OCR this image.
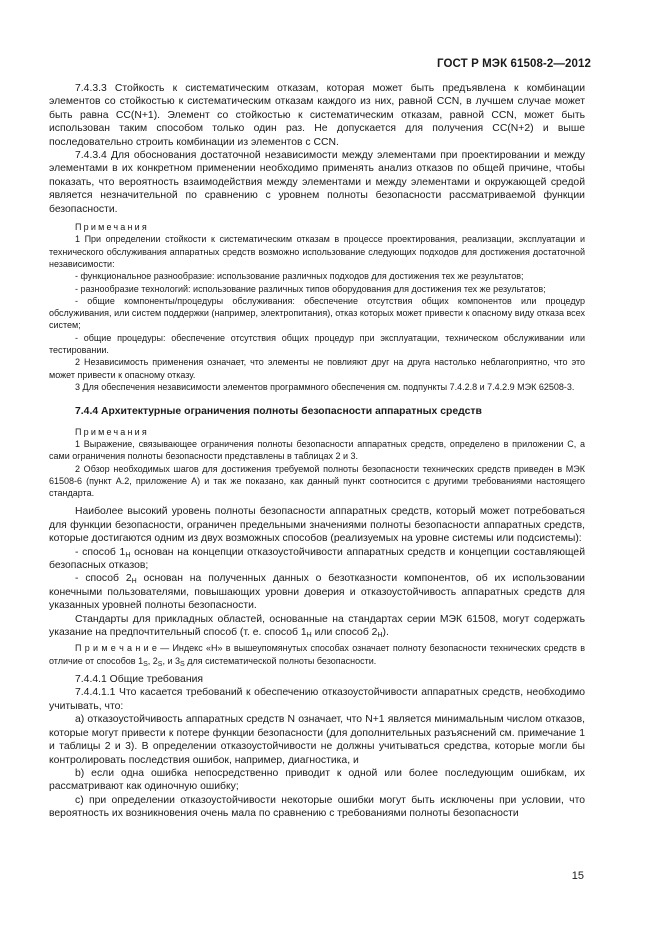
ГОСТ Р МЭК 61508-2—2012

7.4.3.3 Стойкость к систематическим отказам, которая может быть предъявлена к комбинации элементов со стойкостью к систематическим отказам каждого из них, равной CCN, в лучшем случае может быть равна CC(N+1). Элемент со стойкостью к систематическим отказам, равной CCN, может быть использован таким способом только один раз. Не допускается для получения CC(N+2) и выше последовательно строить комбинации из элементов с CCN.

7.4.3.4 Для обоснования достаточной независимости между элементами при проектировании и между элементами в их конкретном применении необходимо применять анализ отказов по общей причине, чтобы показать, что вероятность взаимодействия между элементами и между элементами и окружающей средой является незначительной по сравнению с уровнем полноты безопасности рассматриваемой функции безопасности.

Примечания

1 При определении стойкости к систематическим отказам в процессе проектирования, реализации, эксплуатации и технического обслуживания аппаратных средств возможно использование следующих подходов для достижения достаточной независимости:

- функциональное разнообразие: использование различных подходов для достижения тех же результатов;

- разнообразие технологий: использование различных типов оборудования для достижения тех же результатов;

- общие компоненты/процедуры обслуживания: обеспечение отсутствия общих компонентов или процедур обслуживания, или систем поддержки (например, электропитания), отказ которых может привести к опасному виду отказа всех систем;

- общие процедуры: обеспечение отсутствия общих процедур при эксплуатации, техническом обслуживании или тестировании.

2 Независимость применения означает, что элементы не повлияют друг на друга настолько неблагоприятно, что это может привести к опасному отказу.

3 Для обеспечения независимости элементов программного обеспечения см. подпункты 7.4.2.8 и 7.4.2.9 МЭК 62508-3.

7.4.4 Архитектурные ограничения полноты безопасности аппаратных средств

Примечания

1 Выражение, связывающее ограничения полноты безопасности аппаратных средств, определено в приложении C, а сами ограничения полноты безопасности представлены в таблицах 2 и 3.

2 Обзор необходимых шагов для достижения требуемой полноты безопасности технических средств приведен в МЭК 61508-6 (пункт A.2, приложение A) и так же показано, как данный пункт соотносится с другими требованиями настоящего стандарта.

Наиболее высокий уровень полноты безопасности аппаратных средств, который может потребоваться для функции безопасности, ограничен предельными значениями полноты безопасности аппаратных средств, которые достигаются одним из двух возможных способов (реализуемых на уровне системы или подсистемы):

- способ $1_H$ основан на концепции отказоустойчивости аппаратных средств и концепции составляющей безопасных отказов;

- способ $2_H$ основан на полученных данных о безотказности компонентов, об их использовании конечными пользователями, повышающих уровни доверия и отказоустойчивость аппаратных средств для указанных уровней полноты безопасности.

Стандарты для прикладных областей, основанные на стандартах серии МЭК 61508, могут содержать указание на предпочтительный способ (т. е. способ $1_H$ или способ $2_H$).

П р и м е ч а н и е — Индекс «H» в вышеупомянутых способах означает полноту безопасности технических средств в отличие от способов $1_S$, $2_S$, и $3_S$ для систематической полноты безопасности.

7.4.4.1 Общие требования

7.4.4.1.1 Что касается требований к обеспечению отказоустойчивости аппаратных средств, необходимо учитывать, что:

a) отказоустойчивость аппаратных средств N означает, что N+1 является минимальным числом отказов, которые могут привести к потере функции безопасности (для дополнительных разъяснений см. примечание 1 и таблицы 2 и 3). В определении отказоустойчивости не должны учитываться средства, которые могли бы контролировать последствия ошибок, например, диагностика, и

b) если одна ошибка непосредственно приводит к одной или более последующим ошибкам, их рассматривают как одиночную ошибку;

c) при определении отказоустойчивости некоторые ошибки могут быть исключены при условии, что вероятность их возникновения очень мала по сравнению с требованиями полноты безопасности

15
